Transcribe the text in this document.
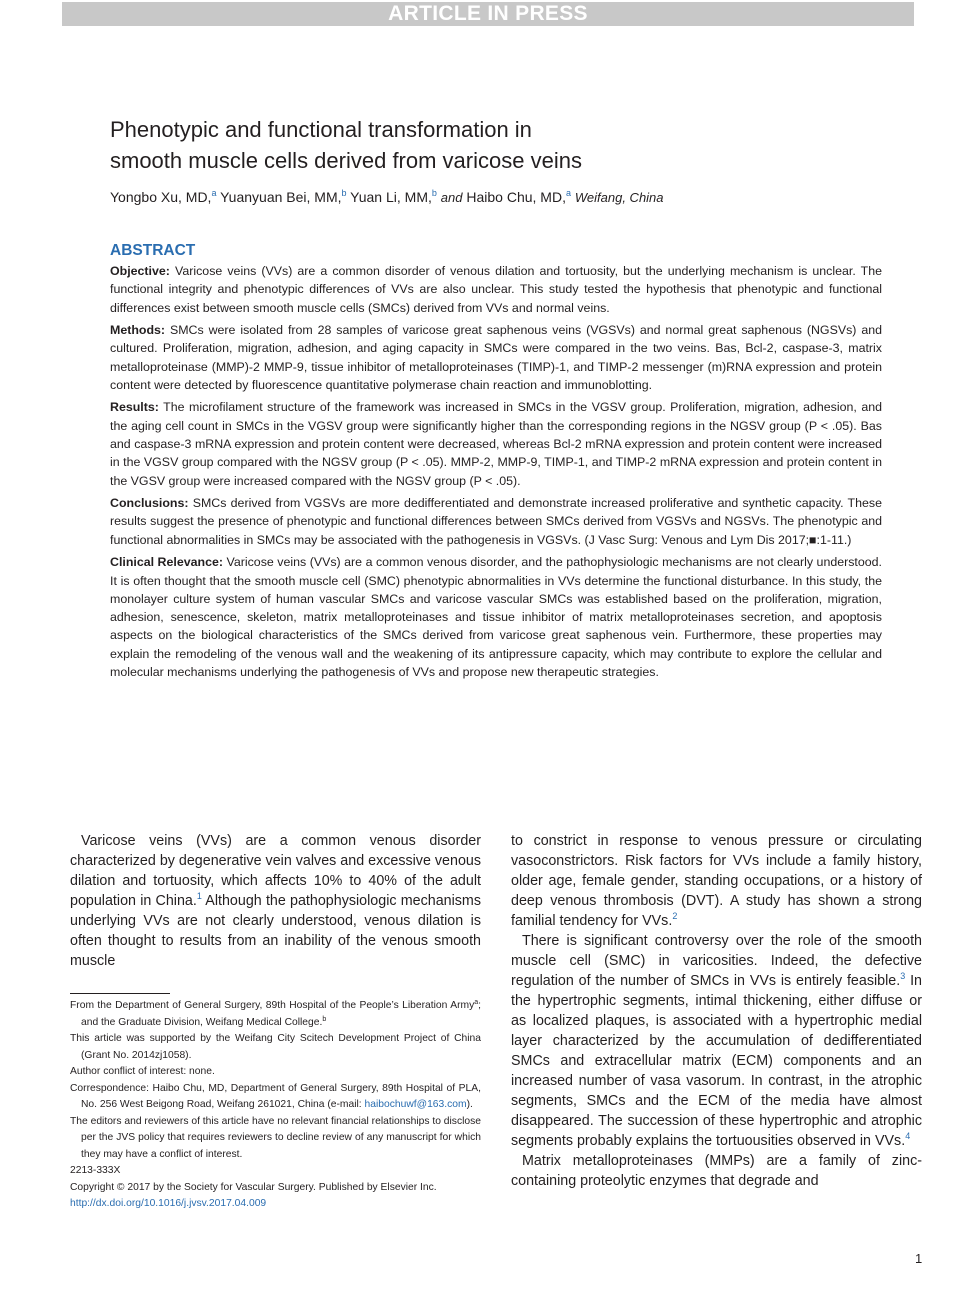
ARTICLE IN PRESS
Phenotypic and functional transformation in
smooth muscle cells derived from varicose veins
Yongbo Xu, MD,$^a$ Yuanyuan Bei, MM,$^b$ Yuan Li, MM,$^b$ and Haibo Chu, MD,$^a$ Weifang, China
ABSTRACT

Objective: Varicose veins (VVs) are a common disorder of venous dilation and tortuosity, but the underlying mechanism is unclear. The functional integrity and phenotypic differences of VVs are also unclear. This study tested the hypothesis that phenotypic and functional differences exist between smooth muscle cells (SMCs) derived from VVs and normal veins.

Methods: SMCs were isolated from 28 samples of varicose great saphenous veins (VGSVs) and normal great saphenous (NGSVs) and cultured. Proliferation, migration, adhesion, and aging capacity in SMCs were compared in the two veins. Bas, Bcl-2, caspase-3, matrix metalloproteinase (MMP)-2 MMP-9, tissue inhibitor of metalloproteinases (TIMP)-1, and TIMP-2 messenger (m)RNA expression and protein content were detected by fluorescence quantitative polymerase chain reaction and immunoblotting.

Results: The microfilament structure of the framework was increased in SMCs in the VGSV group. Proliferation, migration, adhesion, and the aging cell count in SMCs in the VGSV group were significantly higher than the corresponding regions in the NGSV group (P < .05). Bas and caspase-3 mRNA expression and protein content were decreased, whereas Bcl-2 mRNA expression and protein content were increased in the VGSV group compared with the NGSV group (P < .05). MMP-2, MMP-9, TIMP-1, and TIMP-2 mRNA expression and protein content in the VGSV group were increased compared with the NGSV group (P < .05).

Conclusions: SMCs derived from VGSVs are more dedifferentiated and demonstrate increased proliferative and synthetic capacity. These results suggest the presence of phenotypic and functional differences between SMCs derived from VGSVs and NGSVs. The phenotypic and functional abnormalities in SMCs may be associated with the pathogenesis in VGSVs. (J Vasc Surg: Venous and Lym Dis 2017;■:1-11.)

Clinical Relevance: Varicose veins (VVs) are a common venous disorder, and the pathophysiologic mechanisms are not clearly understood. It is often thought that the smooth muscle cell (SMC) phenotypic abnormalities in VVs determine the functional disturbance. In this study, the monolayer culture system of human vascular SMCs and varicose vascular SMCs was established based on the proliferation, migration, adhesion, senescence, skeleton, matrix metalloproteinases and tissue inhibitor of matrix metalloproteinases secretion, and apoptosis aspects on the biological characteristics of the SMCs derived from varicose great saphenous vein. Furthermore, these properties may explain the remodeling of the venous wall and the weakening of its antipressure capacity, which may contribute to explore the cellular and molecular mechanisms underlying the pathogenesis of VVs and propose new therapeutic strategies.

Varicose veins (VVs) are a common venous disorder characterized by degenerative vein valves and excessive venous dilation and tortuosity, which affects 10% to 40% of the adult population in China.$^1$ Although the pathophysiologic mechanisms underlying VVs are not clearly understood, venous dilation is often thought to results from an inability of the venous smooth muscle

From the Department of General Surgery, 89th Hospital of the People’s Liberation Army$^a$; and the Graduate Division, Weifang Medical College.$^b$
This article was supported by the Weifang City Scitech Development Project of China (Grant No. 2014zj1058).
Author conflict of interest: none.
Correspondence: Haibo Chu, MD, Department of General Surgery, 89th Hospital of PLA, No. 256 West Beigong Road, Weifang 261021, China (e-mail: haibochuwf@163.com).
The editors and reviewers of this article have no relevant financial relationships to disclose per the JVS policy that requires reviewers to decline review of any manuscript for which they may have a conflict of interest.
2213-333X
Copyright © 2017 by the Society for Vascular Surgery. Published by Elsevier Inc.
http://dx.doi.org/10.1016/j.jvsv.2017.04.009

to constrict in response to venous pressure or circulating vasoconstrictors. Risk factors for VVs include a family history, older age, female gender, standing occupations, or a history of deep venous thrombosis (DVT). A study has shown a strong familial tendency for VVs.$^2$

There is significant controversy over the role of the smooth muscle cell (SMC) in varicosities. Indeed, the defective regulation of the number of SMCs in VVs is entirely feasible.$^3$ In the hypertrophic segments, intimal thickening, either diffuse or as localized plaques, is associated with a hypertrophic medial layer characterized by the accumulation of dedifferentiated SMCs and extracellular matrix (ECM) components and an increased number of vasa vasorum. In contrast, in the atrophic segments, SMCs and the ECM of the media have almost disappeared. The succession of these hypertrophic and atrophic segments probably explains the tortuousities observed in VVs.$^4$

Matrix metalloproteinases (MMPs) are a family of zinc-containing proteolytic enzymes that degrade and

1
